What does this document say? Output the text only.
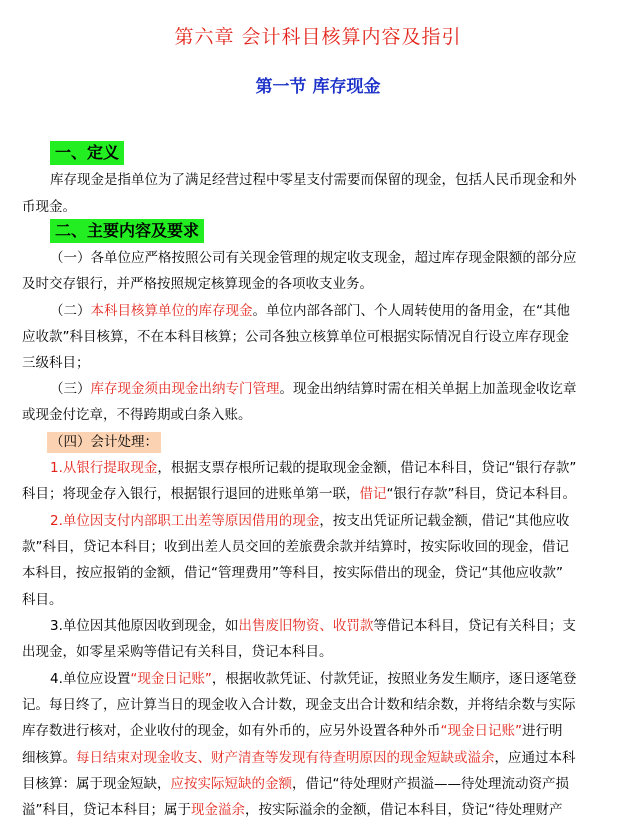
第六章 会计科目核算内容及指引
第一节 库存现金
一、定义
库存现金是指单位为了满足经营过程中零星支付需要而保留的现金，包括人民币现金和外
币现金。
二、主要内容及要求
（一）各单位应严格按照公司有关现金管理的规定收支现金，超过库存现金限额的部分应
及时交存银行，并严格按照规定核算现金的各项收支业务。
（二）本科目核算单位的库存现金。单位内部各部门、个人周转使用的备用金，在“其他
应收款”科目核算，不在本科目核算；公司各独立核算单位可根据实际情况自行设立库存现金
三级科目；
（三）库存现金须由现金出纳专门管理。现金出纳结算时需在相关单据上加盖现金收讫章
或现金付讫章，不得跨期或白条入账。
（四）会计处理：
1.从银行提取现金，根据支票存根所记载的提取现金金额，借记本科目，贷记“银行存款”
科目；将现金存入银行，根据银行退回的进账单第一联，借记“银行存款”科目，贷记本科目。
2.单位因支付内部职工出差等原因借用的现金，按支出凭证所记载金额，借记“其他应收
款”科目，贷记本科目；收到出差人员交回的差旅费余款并结算时，按实际收回的现金，借记
本科目，按应报销的金额，借记“管理费用”等科目，按实际借出的现金，贷记“其他应收款”
科目。
3.单位因其他原因收到现金，如出售废旧物资、收罚款等借记本科目，贷记有关科目；支
出现金，如零星采购等借记有关科目，贷记本科目。
4.单位应设置“现金日记账”，根据收款凭证、付款凭证，按照业务发生顺序，逐日逐笔登
记。每日终了，应计算当日的现金收入合计数，现金支出合计数和结余数，并将结余数与实际
库存数进行核对，企业收付的现金，如有外币的，应另外设置各种外币“现金日记账”进行明
细核算。每日结束对现金收支、财产清查等发现有待查明原因的现金短缺或溢余，应通过本科
目核算：属于现金短缺，应按实际短缺的金额，借记“待处理财产损溢——待处理流动资产损
溢”科目，贷记本科目；属于现金溢余，按实际溢余的金额，借记本科目，贷记“待处理财产
